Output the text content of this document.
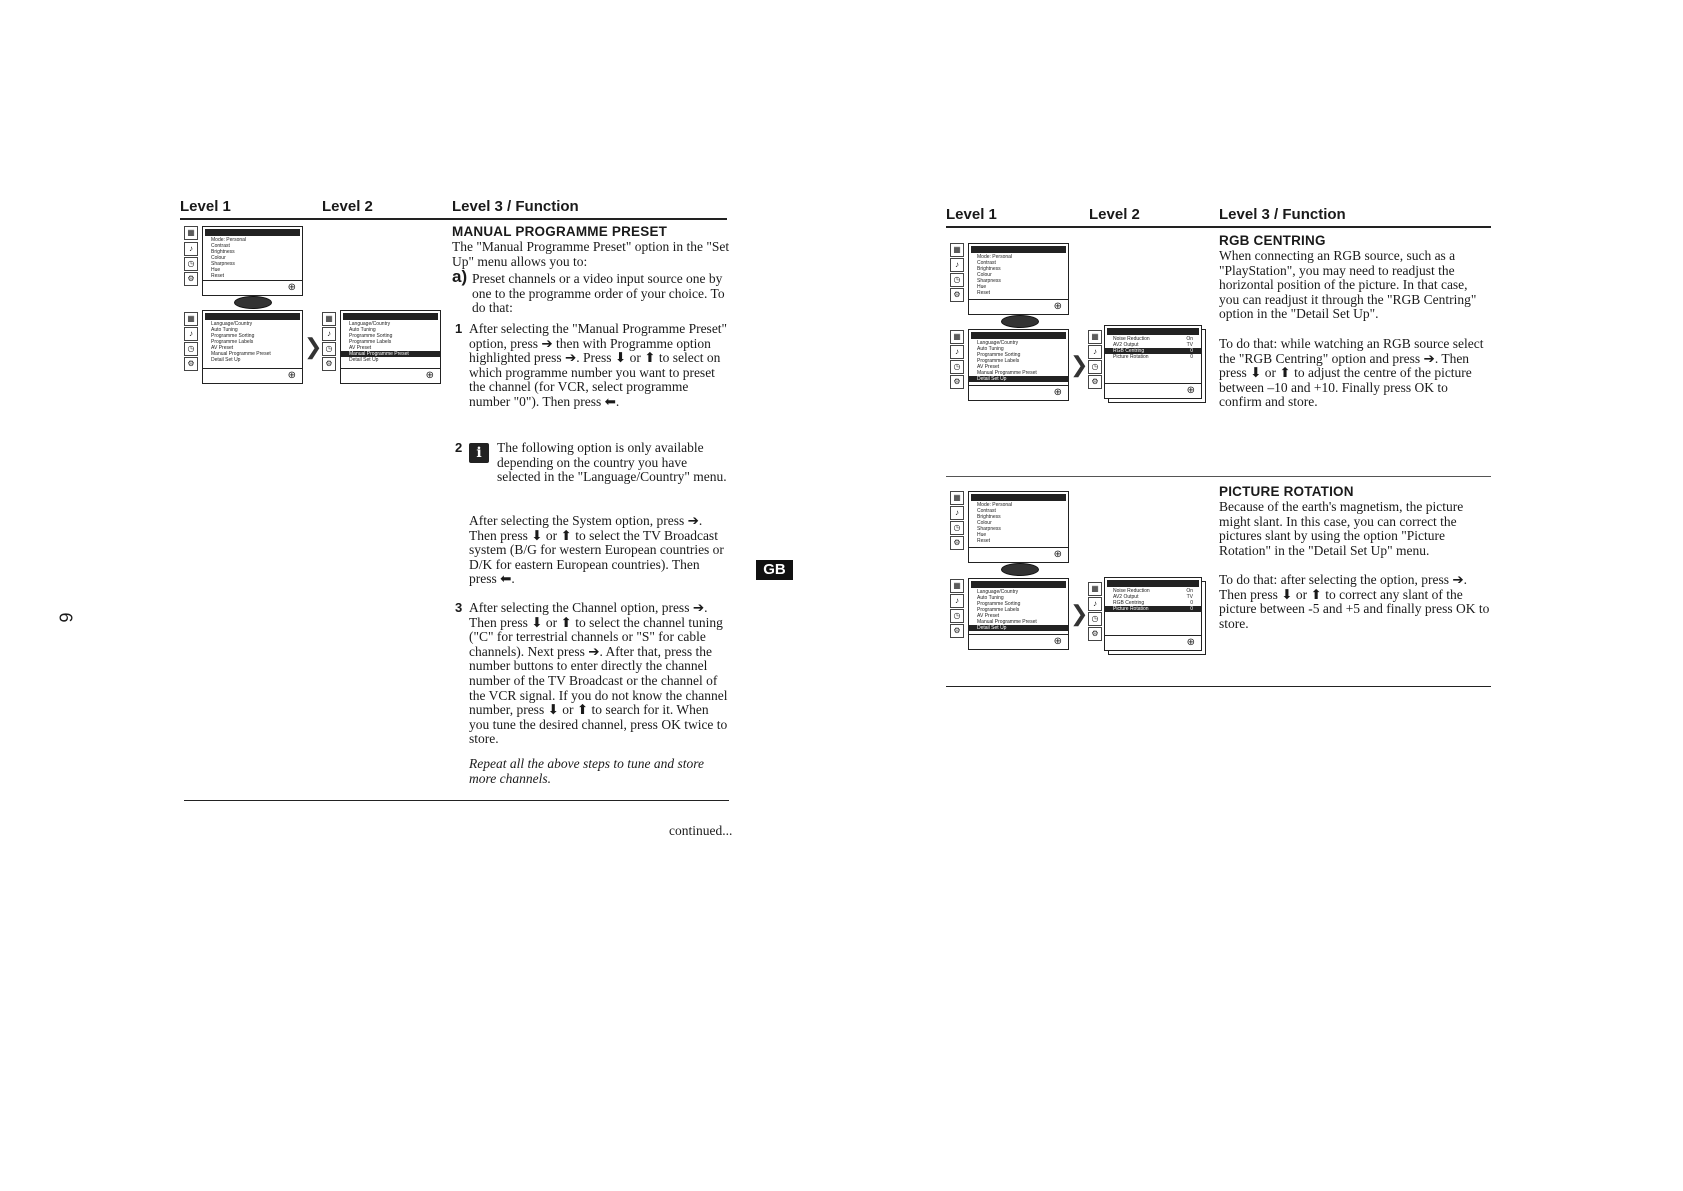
6
Level 1	Level 2	Level 3 / Function
▦
♪
◷
⚙
Mode: Personal
Contrast
Brightness
Colour
Sharpness
Hue
Reset
⊕
▦
♪
◷
⚙
Language/Country
Auto Tuning
Programme Sorting
Programme Labels
AV Preset
Manual Programme Preset
Detail Set Up
⊕
❯
▦
♪
◷
⚙
Language/Country
Auto Tuning
Programme Sorting
Programme Labels
AV Preset
Manual Programme Preset
Detail Set Up
⊕
MANUAL PROGRAMME PRESET
The "Manual Programme Preset" option in the "Set Up" menu allows you to:
a) Preset channels or a video input source one by one to the programme order of your choice. To do that:
1 After selecting the "Manual Programme Preset" option, press ➔ then with Programme option highlighted press ➔. Press ⬇ or ⬆ to select on which programme number you want to preset the channel (for VCR, select programme number "0"). Then press ⬅.
2	i	The following option is only available depending on the country you have selected in the "Language/Country" menu.
After selecting the System option, press ➔. Then press ⬇ or ⬆ to select the TV Broadcast system (B/G for western European countries or D/K for eastern European countries). Then press ⬅.
3 After selecting the Channel option, press ➔. Then press ⬇ or ⬆ to select the channel tuning ("C" for terrestrial channels or "S" for cable channels). Next press ➔. After that, press the number buttons to enter directly the channel number of the TV Broadcast or the channel of the VCR signal. If you do not know the channel number, press ⬇ or ⬆ to search for it. When you tune the desired channel, press OK twice to store.
Repeat all the above steps to tune and store more channels.
continued...
GB
Level 1	Level 2	Level 3 / Function
▦
♪
◷
⚙
Mode: Personal
Contrast
Brightness
Colour
Sharpness
Hue
Reset
⊕
▦
♪
◷
⚙
Language/Country
Auto Tuning
Programme Sorting
Programme Labels
AV Preset
Manual Programme Preset
Detail Set Up
⊕
❯
▦
♪
◷
⚙
Noise Reduction	On
AV2 Output	TV
RGB Centring	0
Picture Rotation	0
⊕
RGB CENTRING
When connecting an RGB source, such as a "PlayStation", you may need to readjust the horizontal position of the picture. In that case, you can readjust it through the "RGB Centring" option in the "Detail Set Up".
To do that: while watching an RGB source select the "RGB Centring" option and press ➔. Then press ⬇ or ⬆ to adjust the centre of the picture between –10 and +10. Finally press OK to confirm and store.
▦
♪
◷
⚙
Mode: Personal
Contrast
Brightness
Colour
Sharpness
Hue
Reset
⊕
▦
♪
◷
⚙
Language/Country
Auto Tuning
Programme Sorting
Programme Labels
AV Preset
Manual Programme Preset
Detail Set Up
⊕
❯
▦
♪
◷
⚙
Noise Reduction	On
AV2 Output	TV
RGB Centring	0
Picture Rotation	0
⊕
PICTURE ROTATION
Because of the earth's magnetism, the picture might slant. In this case, you can correct the pictures slant by using the option "Picture Rotation" in the "Detail Set Up" menu.
To do that: after selecting the option, press ➔. Then press ⬇ or ⬆ to correct any slant of the picture between -5 and +5 and finally press OK to store.
